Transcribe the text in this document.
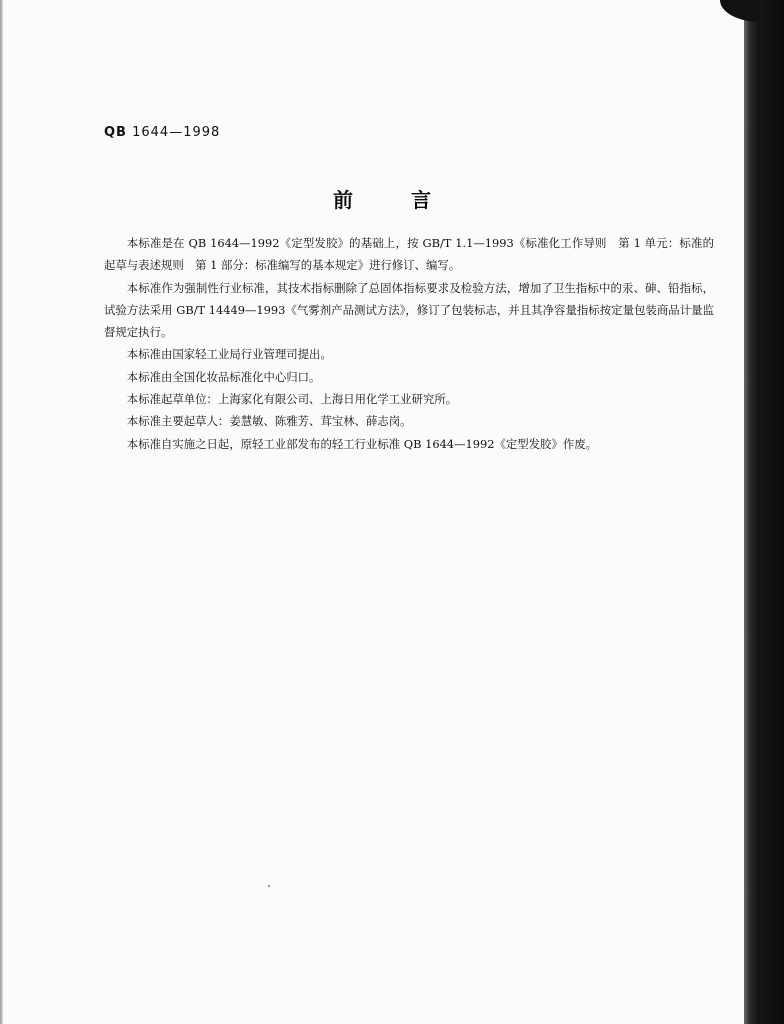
QB 1644—1998
前言

本标准是在 QB 1644—1992《定型发胶》的基础上，按 GB/T 1.1—1993《标准化工作导则　第 1 单元：标准的起草与表述规则　第 1 部分：标准编写的基本规定》进行修订、编写。

本标准作为强制性行业标准，其技术指标删除了总固体指标要求及检验方法，增加了卫生指标中的汞、砷、铅指标，试验方法采用 GB/T 14449—1993《气雾剂产品测试方法》，修订了包装标志，并且其净容量指标按定量包装商品计量监督规定执行。

本标准由国家轻工业局行业管理司提出。

本标准由全国化妆品标准化中心归口。

本标准起草单位：上海家化有限公司、上海日用化学工业研究所。

本标准主要起草人：姜慧敏、陈雅芳、茸宝林、薛志岗。

本标准自实施之日起，原轻工业部发布的轻工行业标准 QB 1644—1992《定型发胶》作废。
